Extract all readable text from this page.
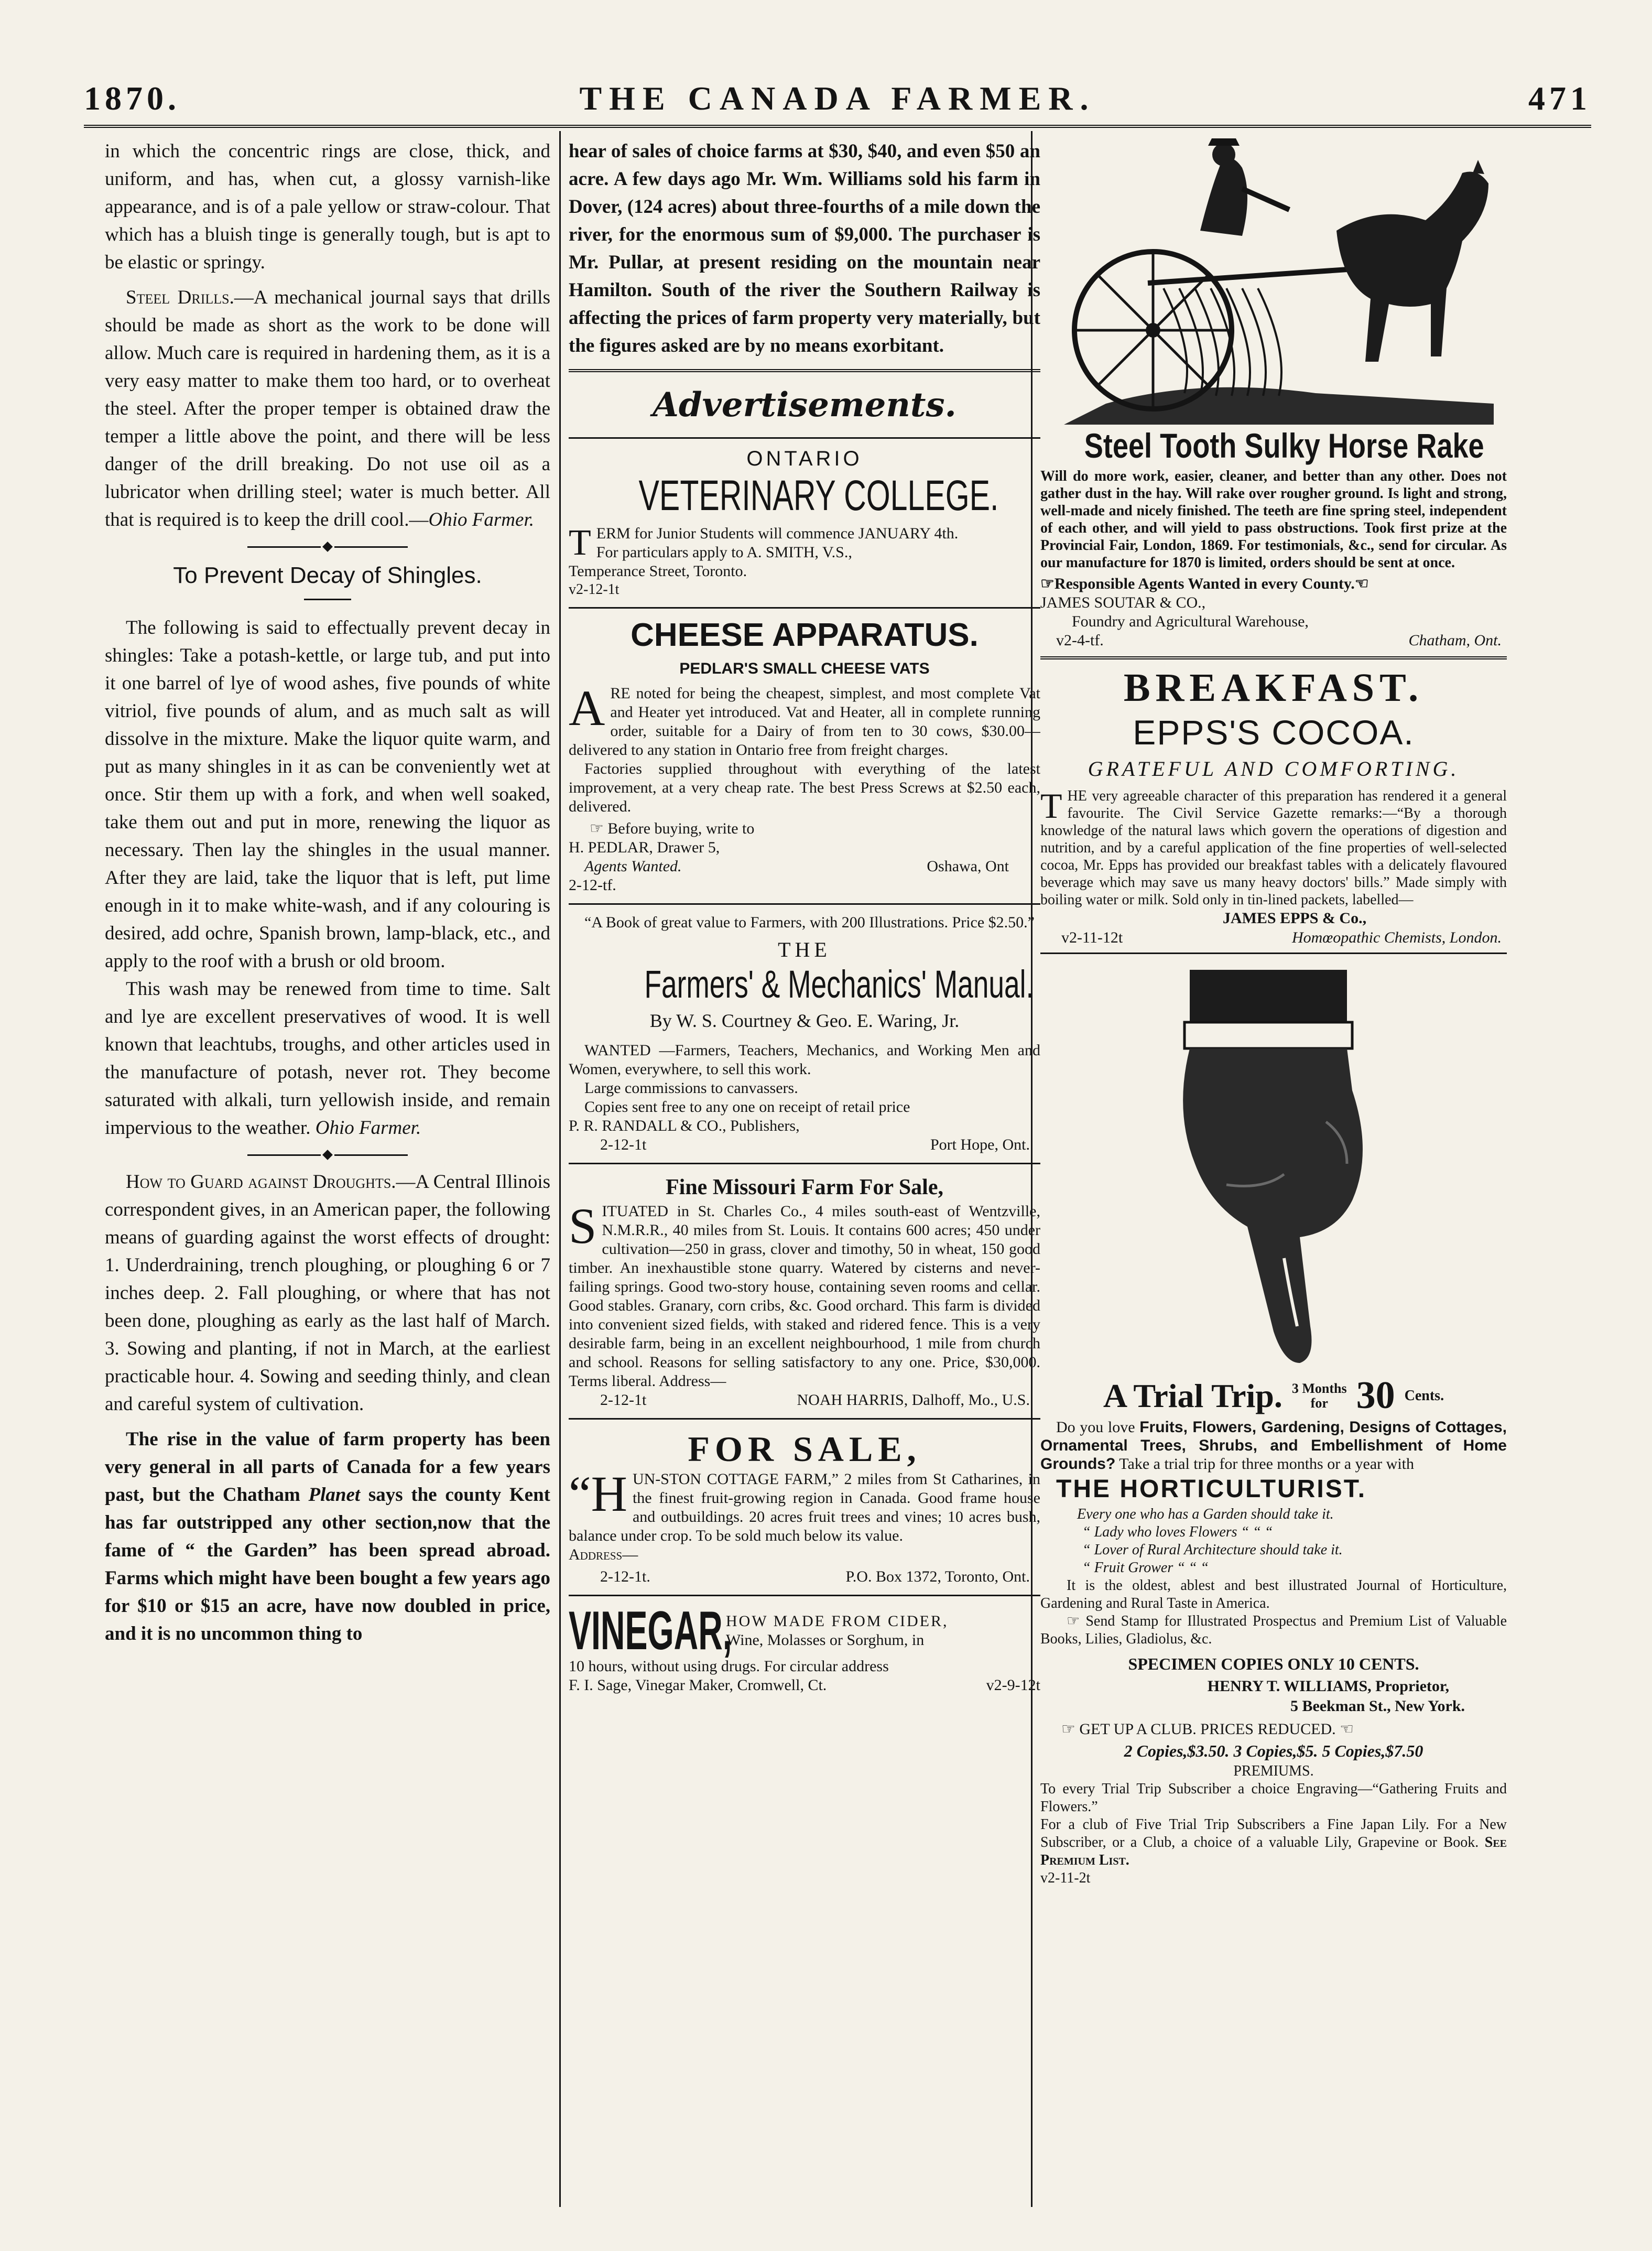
1870.	THE CANADA FARMER.	471

in which the concentric rings are close, thick, and uniform, and has, when cut, a glossy varnish-like appearance, and is of a pale yellow or straw-colour. That which has a bluish tinge is generally tough, but is apt to be elastic or springy.

Steel Drills.—A mechanical journal says that drills should be made as short as the work to be done will allow. Much care is required in hardening them, as it is a very easy matter to make them too hard, or to overheat the steel. After the proper temper is obtained draw the temper a little above the point, and there will be less danger of the drill breaking. Do not use oil as a lubricator when drilling steel; water is much better. All that is required is to keep the drill cool.—Ohio Farmer.

To Prevent Decay of Shingles.

The following is said to effectually prevent decay in shingles: Take a potash-kettle, or large tub, and put into it one barrel of lye of wood ashes, five pounds of white vitriol, five pounds of alum, and as much salt as will dissolve in the mixture. Make the liquor quite warm, and put as many shingles in it as can be conveniently wet at once. Stir them up with a fork, and when well soaked, take them out and put in more, renewing the liquor as necessary. Then lay the shingles in the usual manner. After they are laid, take the liquor that is left, put lime enough in it to make white-wash, and if any colouring is desired, add ochre, Spanish brown, lamp-black, etc., and apply to the roof with a brush or old broom.

This wash may be renewed from time to time. Salt and lye are excellent preservatives of wood. It is well known that leachtubs, troughs, and other articles used in the manufacture of potash, never rot. They become saturated with alkali, turn yellowish inside, and remain impervious to the weather. Ohio Farmer.

How to Guard against Droughts.—A Central Illinois correspondent gives, in an American paper, the following means of guarding against the worst effects of drought: 1. Underdraining, trench ploughing, or ploughing 6 or 7 inches deep. 2. Fall ploughing, or where that has not been done, ploughing as early as the last half of March. 3. Sowing and planting, if not in March, at the earliest practicable hour. 4. Sowing and seeding thinly, and clean and careful system of cultivation.

The rise in the value of farm property has been very general in all parts of Canada for a few years past, but the Chatham Planet says the county Kent has far outstripped any other section,now that the fame of “ the Garden” has been spread abroad. Farms which might have been bought a few years ago for $10 or $15 an acre, have now doubled in price, and it is no uncommon thing to

hear of sales of choice farms at $30, $40, and even $50 an acre. A few days ago Mr. Wm. Williams sold his farm in Dover, (124 acres) about three-fourths of a mile down the river, for the enormous sum of $9,000. The purchaser is Mr. Pullar, at present residing on the mountain near Hamilton. South of the river the Southern Railway is affecting the prices of farm property very materially, but the figures asked are by no means exorbitant.

Advertisements.

ONTARIO

VETERINARY COLLEGE.

TERM for Junior Students will commence JANUARY 4th.

For particulars apply to A. SMITH, V.S.,

Temperance Street, Toronto.

v2-12-1t

CHEESE APPARATUS.

PEDLAR'S SMALL CHEESE VATS

ARE noted for being the cheapest, simplest, and most complete Vat and Heater yet introduced. Vat and Heater, all in complete running order, suitable for a Dairy of from ten to 30 cows, $30.00—delivered to any station in Ontario free from freight charges.

Factories supplied throughout with everything of the latest improvement, at a very cheap rate. The best Press Screws at $2.50 each, delivered.

☞ Before buying, write to

H. PEDLAR, Drawer 5,

Agents Wanted.	Oshawa, Ont

2-12-tf.

“A Book of great value to Farmers, with 200 Illustrations. Price $2.50.”

THE

Farmers' & Mechanics' Manual.

By W. S. Courtney & Geo. E. Waring, Jr.

WANTED —Farmers, Teachers, Mechanics, and Working Men and Women, everywhere, to sell this work.

Large commissions to canvassers.

Copies sent free to any one on receipt of retail price

P. R. RANDALL & CO., Publishers,

2-12-1t	Port Hope, Ont.

Fine Missouri Farm For Sale,

SITUATED in St. Charles Co., 4 miles south-east of Wentzville, N.M.R.R., 40 miles from St. Louis. It contains 600 acres; 450 under cultivation—250 in grass, clover and timothy, 50 in wheat, 150 good timber. An inexhaustible stone quarry. Watered by cisterns and never-failing springs. Good two-story house, containing seven rooms and cellar. Good stables. Granary, corn cribs, &c. Good orchard. This farm is divided into convenient sized fields, with staked and ridered fence. This is a very desirable farm, being in an excellent neighbourhood, 1 mile from church and school. Reasons for selling satisfactory to any one. Price, $30,000. Terms liberal. Address—

2-12-1t	NOAH HARRIS, Dalhoff, Mo., U.S.

FOR SALE,

“HUN-STON COTTAGE FARM,” 2 miles from St Catharines, in the finest fruit-growing region in Canada. Good frame house and outbuildings. 20 acres fruit trees and vines; 10 acres bush, balance under crop. To be sold much below its value.

Address—

2-12-1t.	P.O. Box 1372, Toronto, Ont.
VINEGAR,

HOW MADE FROM CIDER,

Wine, Molasses or Sorghum, in

10 hours, without using drugs. For circular address

F. I. Sage, Vinegar Maker, Cromwell, Ct.	v2-9-12t

Steel Tooth Sulky Horse Rake

Will do more work, easier, cleaner, and better than any other. Does not gather dust in the hay. Will rake over rougher ground. Is light and strong, well-made and nicely finished. The teeth are fine spring steel, independent of each other, and will yield to pass obstructions. Took first prize at the Provincial Fair, London, 1869. For testimonials, &c., send for circular. As our manufacture for 1870 is limited, orders should be sent at once.

☞Responsible Agents Wanted in every County.☜

JAMES SOUTAR & CO.,

Foundry and Agricultural Warehouse,

v2-4-tf.	Chatham, Ont.

BREAKFAST.

EPPS'S COCOA.

GRATEFUL AND COMFORTING.

THE very agreeable character of this preparation has rendered it a general favourite. The Civil Service Gazette remarks:—“By a thorough knowledge of the natural laws which govern the operations of digestion and nutrition, and by a careful application of the fine properties of well-selected cocoa, Mr. Epps has provided our breakfast tables with a delicately flavoured beverage which may save us many heavy doctors' bills.” Made simply with boiling water or milk. Sold only in tin-lined packets, labelled—

JAMES EPPS & Co.,

v2-11-12t	Homœopathic Chemists, London.
A Trial Trip. 3 Months
for 30 Cents.

Do you love Fruits, Flowers, Gardening, Designs of Cottages, Ornamental Trees, Shrubs, and Embellishment of Home Grounds? Take a trial trip for three months or a year with

THE HORTICULTURIST.

Every one who has a Garden should take it.

“ Lady who loves Flowers “ “ “

“ Lover of Rural Architecture should take it.

“ Fruit Grower “ “ “

It is the oldest, ablest and best illustrated Journal of Horticulture, Gardening and Rural Taste in America.

☞ Send Stamp for Illustrated Prospectus and Premium List of Valuable Books, Lilies, Gladiolus, &c.

SPECIMEN COPIES ONLY 10 CENTS.

HENRY T. WILLIAMS, Proprietor,

5 Beekman St., New York.

☞ GET UP A CLUB. PRICES REDUCED. ☜

2 Copies,$3.50. 3 Copies,$5. 5 Copies,$7.50

PREMIUMS.

To every Trial Trip Subscriber a choice Engraving—“Gathering Fruits and Flowers.”

For a club of Five Trial Trip Subscribers a Fine Japan Lily. For a New Subscriber, or a Club, a choice of a valuable Lily, Grapevine or Book. See Premium List.

v2-11-2t
